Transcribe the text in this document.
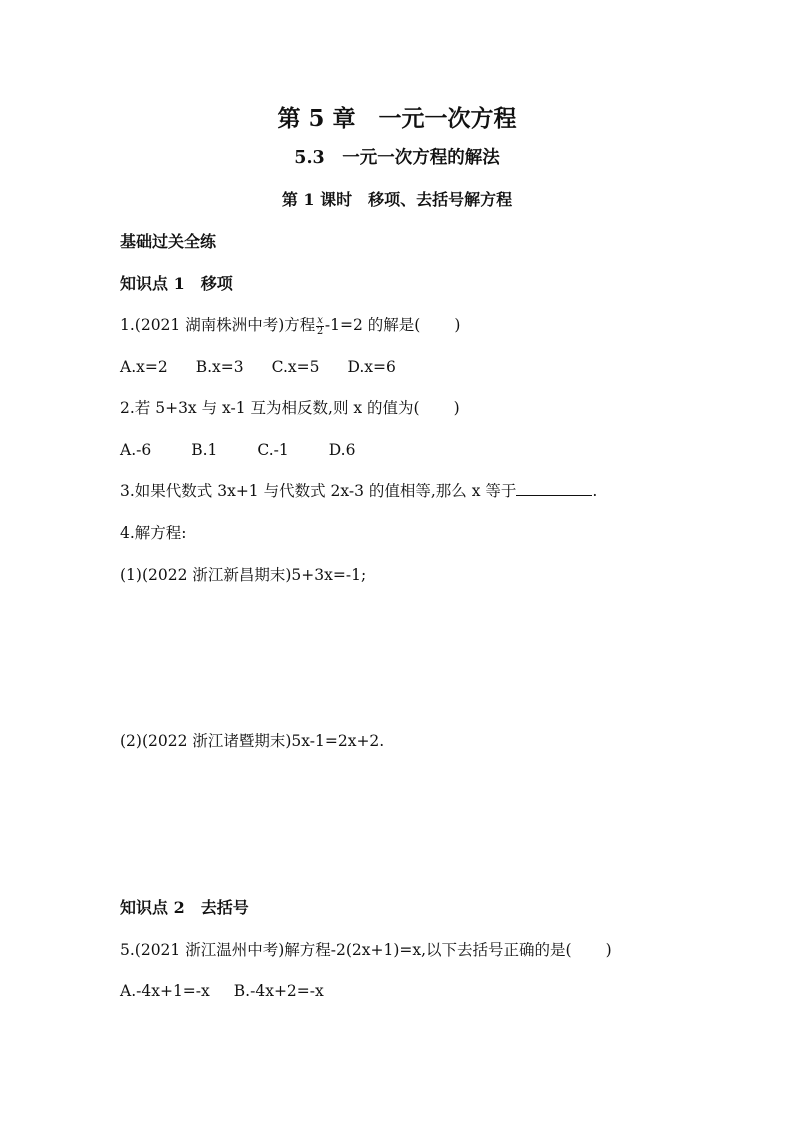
第 5 章　一元一次方程
5.3　一元一次方程的解法
第 1 课时　移项、去括号解方程
基础过关全练
知识点 1　移项
1.(2021 湖南株洲中考)方程 $\frac{x}{2} -1=2$ 的解是( )
A.x=2 B.x=3 C.x=5 D.x=6
2.若 5+3x 与 x-1 互为相反数,则 x 的值为( )
A.-6	B.1	C.-1	D.6
3.如果代数式 3x+1 与代数式 2x-3 的值相等,那么 x 等于	.
4.解方程:
(1)(2022 浙江新昌期末)5+3x=-1;
(2)(2022 浙江诸暨期末)5x-1=2x+2.
知识点 2　去括号
5.(2021 浙江温州中考)解方程-2(2x+1)=x,以下去括号正确的是( )
A.-4x+1=-x B.-4x+2=-x
